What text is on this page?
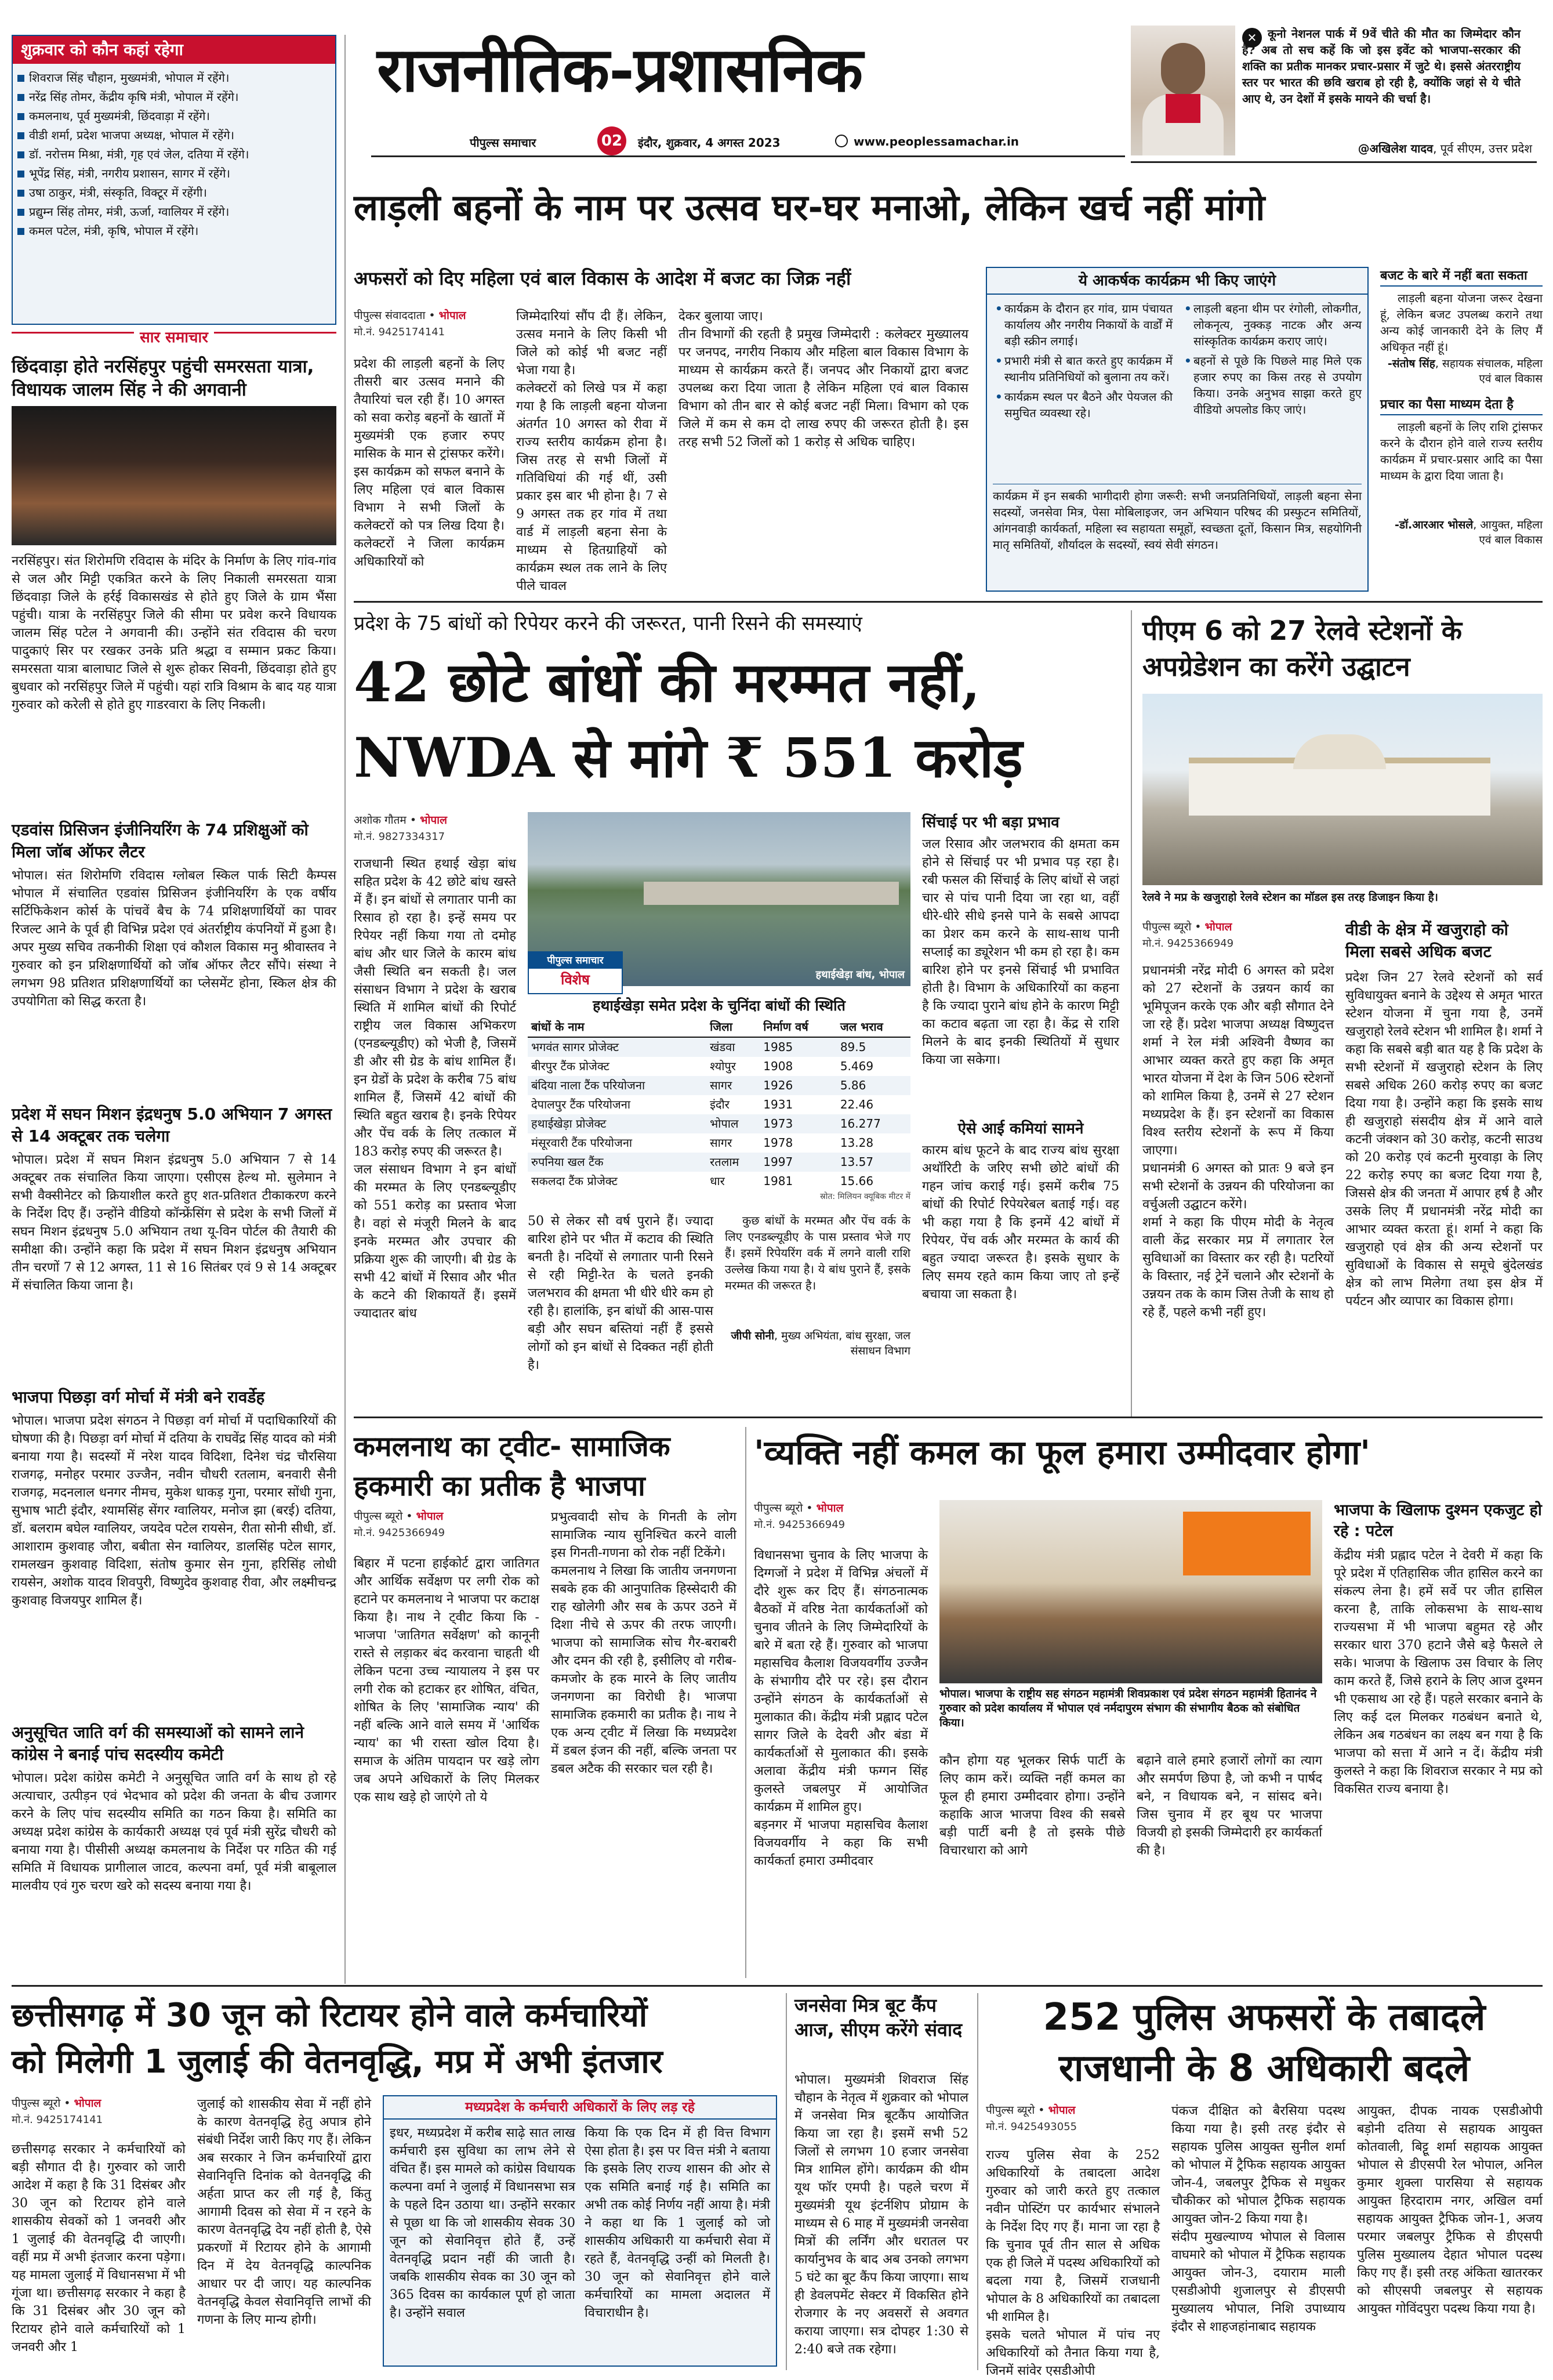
राजनीतिक-प्रशासनिक
पीपुल्स समाचार	02	इंदौर, शुक्रवार, 4 अगस्त 2023	www.peoplessamachar.in
✕ कूनो नेशनल पार्क में 9वें चीते की मौत का जिम्मेदार कौन है? अब तो सच कहें कि जो इस इवेंट को भाजपा-सरकार की शक्ति का प्रतीक मानकर प्रचार-प्रसार में जुटे थे। इससे अंतरराष्ट्रीय स्तर पर भारत की छवि खराब हो रही है, क्योंकि जहां से ये चीते आए थे, उन देशों में इसके मायने की चर्चा है।
@अखिलेश यादव, पूर्व सीएम, उत्तर प्रदेश
शुक्रवार को कौन कहां रहेगा
शिवराज सिंह चौहान, मुख्यमंत्री, भोपाल में रहेंगे।
नरेंद्र सिंह तोमर, केंद्रीय कृषि मंत्री, भोपाल में रहेंगे।
कमलनाथ, पूर्व मुख्यमंत्री, छिंदवाड़ा में रहेंगे।
वीडी शर्मा, प्रदेश भाजपा अध्यक्ष, भोपाल में रहेंगे।
डॉ. नरोत्तम मिश्रा, मंत्री, गृह एवं जेल, दतिया में रहेंगे।
भूपेंद्र सिंह, मंत्री, नगरीय प्रशासन, सागर में रहेंगे।
उषा ठाकुर, मंत्री, संस्कृति, विक्टूर में रहेंगी।
प्रद्युम्न सिंह तोमर, मंत्री, ऊर्जा, ग्वालियर में रहेंगे।
कमल पटेल, मंत्री, कृषि, भोपाल में रहेंगे।
सार समाचार
छिंदवाड़ा होते नरसिंहपुर पहुंची समरसता यात्रा, विधायक जालम सिंह ने की अगवानी
नरसिंहपुर। संत शिरोमणि रविदास के मंदिर के निर्माण के लिए गांव-गांव से जल और मिट्टी एकत्रित करने के लिए निकाली समरसता यात्रा छिंदवाड़ा जिले के हर्रई विकासखंड से होते हुए जिले के ग्राम भैंसा पहुंची। यात्रा के नरसिंहपुर जिले की सीमा पर प्रवेश करने विधायक जालम सिंह पटेल ने अगवानी की। उन्होंने संत रविदास की चरण पादुकाएं सिर पर रखकर उनके प्रति श्रद्धा व सम्मान प्रकट किया। समरसता यात्रा बालाघाट जिले से शुरू होकर सिवनी, छिंदवाड़ा होते हुए बुधवार को नरसिंहपुर जिले में पहुंची। यहां रात्रि विश्राम के बाद यह यात्रा गुरुवार को करेली से होते हुए गाडरवारा के लिए निकली।
एडवांस प्रिसिजन इंजीनियरिंग के 74 प्रशिक्षुओं को मिला जॉब ऑफर लैटर
भोपाल। संत शिरोमणि रविदास ग्लोबल स्किल पार्क सिटी कैम्पस भोपाल में संचालित एडवांस प्रिसिजन इंजीनियरिंग के एक वर्षीय सर्टिफिकेशन कोर्स के पांचवें बैच के 74 प्रशिक्षणार्थियों का पावर रिजल्ट आने के पूर्व ही विभिन्न प्रदेश एवं अंतर्राष्ट्रीय कंपनियों में हुआ है। अपर मुख्य सचिव तकनीकी शिक्षा एवं कौशल विकास मनु श्रीवास्तव ने गुरुवार को इन प्रशिक्षणार्थियों को जॉब ऑफर लैटर सौंपे। संस्था ने लगभग 98 प्रतिशत प्रशिक्षणार्थियों का प्लेसमेंट होना, स्किल क्षेत्र की उपयोगिता को सिद्ध करता है।
प्रदेश में सघन मिशन इंद्रधनुष 5.0 अभियान 7 अगस्त से 14 अक्टूबर तक चलेगा
भोपाल। प्रदेश में सघन मिशन इंद्रधनुष 5.0 अभियान 7 से 14 अक्टूबर तक संचालित किया जाएगा। एसीएस हेल्थ मो. सुलेमान ने सभी वैक्सीनेटर को क्रियाशील करते हुए शत-प्रतिशत टीकाकरण करने के निर्देश दिए हैं। उन्होंने वीडियो कॉन्फ्रेंसिंग से प्रदेश के सभी जिलों में सघन मिशन इंद्रधनुष 5.0 अभियान तथा यू-विन पोर्टल की तैयारी की समीक्षा की। उन्होंने कहा कि प्रदेश में सघन मिशन इंद्रधनुष अभियान तीन चरणों 7 से 12 अगस्त, 11 से 16 सितंबर एवं 9 से 14 अक्टूबर में संचालित किया जाना है।
भाजपा पिछड़ा वर्ग मोर्चा में मंत्री बने रावर्डेह
भोपाल। भाजपा प्रदेश संगठन ने पिछड़ा वर्ग मोर्चा में पदाधिकारियों की घोषणा की है। पिछड़ा वर्ग मोर्चा में दतिया के राघवेंद्र सिंह यादव को मंत्री बनाया गया है। सदस्यों में नरेश यादव विदिशा, दिनेश चंद्र चौरसिया राजगढ़, मनोहर परमार उज्जैन, नवीन चौधरी रतलाम, बनवारी सैनी राजगढ़, मदनलाल धनगर नीमच, मुकेश धाकड़ गुना, परमार सोंधी गुना, सुभाष भाटी इंदौर, श्यामसिंह सेंगर ग्वालियर, मनोज झा (बरई) दतिया, डॉ. बलराम बघेल ग्वालियर, जयदेव पटेल रायसेन, रीता सोनी सीधी, डॉ. आशाराम कुशवाह जौरा, बबीता सेन ग्वालियर, डालसिंह पटेल सागर, रामलखन कुशवाह विदिशा, संतोष कुमार सेन गुना, हरिसिंह लोधी रायसेन, अशोक यादव शिवपुरी, विष्णुदेव कुशवाह रीवा, और लक्ष्मीचन्द्र कुशवाह विजयपुर शामिल हैं।
अनुसूचित जाति वर्ग की समस्याओं को सामने लाने कांग्रेस ने बनाई पांच सदस्यीय कमेटी
भोपाल। प्रदेश कांग्रेस कमेटी ने अनुसूचित जाति वर्ग के साथ हो रहे अत्याचार, उत्पीड़न एवं भेदभाव को प्रदेश की जनता के बीच उजागर करने के लिए पांच सदस्यीय समिति का गठन किया है। समिति का अध्यक्ष प्रदेश कांग्रेस के कार्यकारी अध्यक्ष एवं पूर्व मंत्री सुरेंद्र चौधरी को बनाया गया है। पीसीसी अध्यक्ष कमलनाथ के निर्देश पर गठित की गई समिति में विधायक प्रागीलाल जाटव, कल्पना वर्मा, पूर्व मंत्री बाबूलाल मालवीय एवं गुरु चरण खरे को सदस्य बनाया गया है।
लाड़ली बहनों के नाम पर उत्सव घर-घर मनाओ, लेकिन खर्च नहीं मांगो
अफसरों को दिए महिला एवं बाल विकास के आदेश में बजट का जिक्र नहीं
पीपुल्स संवाददाता • भोपाल
मो.नं. 9425174141
प्रदेश की लाड़ली बहनों के लिए तीसरी बार उत्सव मनाने की तैयारियां चल रही हैं। 10 अगस्त को सवा करोड़ बहनों के खातों में मुख्यमंत्री एक हजार रुपए मासिक के मान से ट्रांसफर करेंगे। इस कार्यक्रम को सफल बनाने के लिए महिला एवं बाल विकास विभाग ने सभी जिलों के कलेक्टरों को पत्र लिख दिया है। कलेक्टरों ने जिला कार्यक्रम अधिकारियों को
जिम्मेदारियां सौंप दी हैं। लेकिन, उत्सव मनाने के लिए किसी भी जिले को कोई भी बजट नहीं भेजा गया है।
कलेक्टरों को लिखे पत्र में कहा गया है कि लाड़ली बहना योजना अंतर्गत 10 अगस्त को रीवा में राज्य स्तरीय कार्यक्रम होना है। जिस तरह से सभी जिलों में गतिविधियां की गई थीं, उसी प्रकार इस बार भी होना है। 7 से 9 अगस्त तक हर गांव में तथा वार्ड में लाड़ली बहना सेना के माध्यम से हितग्राहियों को कार्यक्रम स्थल तक लाने के लिए पीले चावल
देकर बुलाया जाए।
तीन विभागों की रहती है प्रमुख जिम्मेदारी : कलेक्टर मुख्यालय पर जनपद, नगरीय निकाय और महिला बाल विकास विभाग के माध्यम से कार्यक्रम करते हैं। जनपद और निकायों द्वारा बजट उपलब्ध करा दिया जाता है लेकिन महिला एवं बाल विकास विभाग को तीन बार से कोई बजट नहीं मिला। विभाग को एक जिले में कम से कम दो लाख रुपए की जरूरत होती है। इस तरह सभी 52 जिलों को 1 करोड़ से अधिक चाहिए।
ये आकर्षक कार्यक्रम भी किए जाएंगे
• कार्यक्रम के दौरान हर गांव, ग्राम पंचायत कार्यालय और नगरीय निकायों के वार्डों में बड़ी स्क्रीन लगाई।
• प्रभारी मंत्री से बात करते हुए कार्यक्रम में स्थानीय प्रतिनिधियों को बुलाना तय करें।
• कार्यक्रम स्थल पर बैठने और पेयजल की समुचित व्यवस्था रहे।
• लाड़ली बहना थीम पर रंगोली, लोकगीत, लोकनृत्य, नुक्कड़ नाटक और अन्य सांस्कृतिक कार्यक्रम कराए जाएं।
• बहनों से पूछे कि पिछले माह मिले एक हजार रुपए का किस तरह से उपयोग किया। उनके अनुभव साझा करते हुए वीडियो अपलोड किए जाएं।
कार्यक्रम में इन सबकी भागीदारी होगा जरूरी: सभी जनप्रतिनिधियों, लाड़ली बहना सेना सदस्यों, जनसेवा मित्र, पेसा मोबिलाइजर, जन अभियान परिषद की प्रस्फुटन समितियों, आंगनवाड़ी कार्यकर्ता, महिला स्व सहायता समूहों, स्वच्छता दूतों, किसान मित्र, सहयोगिनी मातृ समितियों, शौर्यादल के सदस्यों, स्वयं सेवी संगठन।
बजट के बारे में नहीं बता सकता
लाड़ली बहना योजना जरूर देखना हूं, लेकिन बजट उपलब्ध कराने तथा अन्य कोई जानकारी देने के लिए मैं अधिकृत नहीं हूं।
-संतोष सिंह, सहायक संचालक, महिला एवं बाल विकास
प्रचार का पैसा माध्यम देता है
लाड़ली बहनों के लिए राशि ट्रांसफर करने के दौरान होने वाले राज्य स्तरीय कार्यक्रम में प्रचार-प्रसार आदि का पैसा माध्यम के द्वारा दिया जाता है।
-डॉ.आरआर भोसले, आयुक्त, महिला एवं बाल विकास
प्रदेश के 75 बांधों को रिपेयर करने की जरूरत, पानी रिसने की समस्याएं
42 छोटे बांधों की मरम्मत नहीं,
NWDA से मांगे ₹ 551 करोड़
अशोक गौतम • भोपाल
मो.नं. 9827334317
राजधानी स्थित हथाई खेड़ा बांध सहित प्रदेश के 42 छोटे बांध खस्ते में हैं। इन बांधों से लगातार पानी का रिसाव हो रहा है। इन्हें समय पर रिपेयर नहीं किया गया तो दमोह बांध और धार जिले के कारम बांध जैसी स्थिति बन सकती है। जल संसाधन विभाग ने प्रदेश के खराब स्थिति में शामिल बांधों की रिपोर्ट राष्ट्रीय जल विकास अभिकरण (एनडब्ल्यूडीए) को भेजी है, जिसमें डी और सी ग्रेड के बांध शामिल हैं। इन ग्रेडों के प्रदेश के करीब 75 बांध शामिल हैं, जिसमें 42 बांधों की स्थिति बहुत खराब है। इनके रिपेयर और पेंच वर्क के लिए तत्काल में 183 करोड़ रुपए की जरूरत है।
जल संसाधन विभाग ने इन बांधों की मरम्मत के लिए एनडब्ल्यूडीए को 551 करोड़ का प्रस्ताव भेजा है। वहां से मंजूरी मिलने के बाद इनके मरम्मत और उपचार की प्रक्रिया शुरू की जाएगी। बी ग्रेड के सभी 42 बांधों में रिसाव और भीत के कटने की शिकायतें हैं। इसमें ज्यादातर बांध
हथाईखेड़ा बांध, भोपाल
पीपुल्स समाचार
विशेष
हथाईखेड़ा समेत प्रदेश के चुनिंदा बांधों की स्थिति
बांधों के नाम	जिला	निर्माण वर्ष	जल भराव
भगवंत सागर प्रोजेक्ट	खंडवा	1985	89.5
बीरपुर टैंक प्रोजेक्ट	श्योपुर	1908	5.469
बंदिया नाला टैंक परियोजना	सागर	1926	5.86
देपालपुर टैंक परियोजना	इंदौर	1931	22.46
हथाईखेड़ा प्रोजेक्ट	भोपाल	1973	16.277
मंसूरवारी टैंक परियोजना	सागर	1978	13.28
रुपनिया खल टैंक	रतलाम	1997	13.57
सकलदा टैंक प्रोजेक्ट	धार	1981	15.66
स्रोत: मिलियन क्यूबिक मीटर में
50 से लेकर सौ वर्ष पुराने हैं। ज्यादा बारिश होने पर भीत में कटाव की स्थिति बनती है। नदियों से लगातार पानी रिसने से रही मिट्टी-रेत के चलते इनकी जलभराव की क्षमता भी धीरे धीरे कम हो रही है। हालांकि, इन बांधों की आस-पास बड़ी और सघन बस्तियां नहीं हैं इससे लोगों को इन बांधों से दिक्कत नहीं होती है।
कुछ बांधों के मरम्मत और पेंच वर्क के लिए एनडब्ल्यूडीए के पास प्रस्ताव भेजे गए हैं। इसमें रिपेयरिंग वर्क में लगने वाली राशि उल्लेख किया गया है। ये बांध पुराने हैं, इसके मरम्मत की जरूरत है।
जीपी सोनी, मुख्य अभियंता, बांध सुरक्षा, जल संसाधन विभाग
सिंचाई पर भी बड़ा प्रभाव
जल रिसाव और जलभराव की क्षमता कम होने से सिंचाई पर भी प्रभाव पड़ रहा है। रबी फसल की सिंचाई के लिए बांधों से जहां चार से पांच पानी दिया जा रहा था, वहीं धीरे-धीरे सीधे इनसे पाने के सबसे आपदा का प्रेशर कम करने के साथ-साथ पानी सप्लाई का ड्यूरेशन भी कम हो रहा है। कम बारिश होने पर इनसे सिंचाई भी प्रभावित होती है। विभाग के अधिकारियों का कहना है कि ज्यादा पुराने बांध होने के कारण मिट्टी का कटाव बढ़ता जा रहा है। केंद्र से राशि मिलने के बाद इनकी स्थितियों में सुधार किया जा सकेगा।
ऐसे आई कमियां सामने
कारम बांध फूटने के बाद राज्य बांध सुरक्षा अथॉरिटी के जरिए सभी छोटे बांधों की गहन जांच कराई गई। इसमें करीब 75 बांधों की रिपोर्ट रिपेयरेबल बताई गई। वह भी कहा गया है कि इनमें 42 बांधों में रिपेयर, पेंच वर्क और मरम्मत के कार्य की बहुत ज्यादा जरूरत है। इसके सुधार के लिए समय रहते काम किया जाए तो इन्हें बचाया जा सकता है।
पीएम 6 को 27 रेलवे स्टेशनों के अपग्रेडेशन का करेंगे उद्घाटन
रेलवे ने मप्र के खजुराहो रेलवे स्टेशन का मॉडल इस तरह डिजाइन किया है।
पीपुल्स ब्यूरो • भोपाल
मो.नं. 9425366949
प्रधानमंत्री नरेंद्र मोदी 6 अगस्त को प्रदेश को 27 स्टेशनों के उन्नयन कार्य का भूमिपूजन करके एक और बड़ी सौगात देने जा रहे हैं। प्रदेश भाजपा अध्यक्ष विष्णुदत्त शर्मा ने रेल मंत्री अश्विनी वैष्णव का आभार व्यक्त करते हुए कहा कि अमृत भारत योजना में देश के जिन 506 स्टेशनों को शामिल किया है, उनमें से 27 स्टेशन मध्यप्रदेश के हैं। इन स्टेशनों का विकास विश्व स्तरीय स्टेशनों के रूप में किया जाएगा।
प्रधानमंत्री 6 अगस्त को प्रातः 9 बजे इन सभी स्टेशनों के उन्नयन की परियोजना का वर्चुअली उद्घाटन करेंगे।
शर्मा ने कहा कि पीएम मोदी के नेतृत्व वाली केंद्र सरकार मप्र में लगातार रेल सुविधाओं का विस्तार कर रही है। पटरियों के विस्तार, नई ट्रेनें चलाने और स्टेशनों के उन्नयन तक के काम जिस तेजी के साथ हो रहे हैं, पहले कभी नहीं हुए।
वीडी के क्षेत्र में खजुराहो को मिला सबसे अधिक बजट
प्रदेश जिन 27 रेलवे स्टेशनों को सर्व सुविधायुक्त बनाने के उद्देश्य से अमृत भारत स्टेशन योजना में चुना गया है, उनमें खजुराहो रेलवे स्टेशन भी शामिल है। शर्मा ने कहा कि सबसे बड़ी बात यह है कि प्रदेश के सभी स्टेशनों में खजुराहो स्टेशन के लिए सबसे अधिक 260 करोड़ रुपए का बजट दिया गया है। उन्होंने कहा कि इसके साथ ही खजुराहो संसदीय क्षेत्र में आने वाले कटनी जंक्शन को 30 करोड़, कटनी साउथ को 20 करोड़ एवं कटनी मुरवाड़ा के लिए 22 करोड़ रुपए का बजट दिया गया है, जिससे क्षेत्र की जनता में आपार हर्ष है और उसके लिए मैं प्रधानमंत्री नरेंद्र मोदी का आभार व्यक्त करता हूं। शर्मा ने कहा कि खजुराहो एवं क्षेत्र की अन्य स्टेशनों पर सुविधाओं के विकास से समूचे बुंदेलखंड क्षेत्र को लाभ मिलेगा तथा इस क्षेत्र में पर्यटन और व्यापार का विकास होगा।
कमलनाथ का ट्वीट- सामाजिक हकमारी का प्रतीक है भाजपा
पीपुल्स ब्यूरो • भोपाल
मो.नं. 9425366949
बिहार में पटना हाईकोर्ट द्वारा जातिगत और आर्थिक सर्वेक्षण पर लगी रोक को हटाने पर कमलनाथ ने भाजपा पर कटाक्ष किया है। नाथ ने ट्वीट किया कि - भाजपा 'जातिगत सर्वेक्षण' को कानूनी रास्ते से लड़ाकर बंद करवाना चाहती थी लेकिन पटना उच्च न्यायालय ने इस पर लगी रोक को हटाकर हर शोषित, वंचित, शोषित के लिए 'सामाजिक न्याय' की नहीं बल्कि आने वाले समय में 'आर्थिक न्याय' का भी रास्ता खोल दिया है। समाज के अंतिम पायदान पर खड़े लोग जब अपने अधिकारों के लिए मिलकर एक साथ खड़े हो जाएंगे तो ये
प्रभुत्ववादी सोच के गिनती के लोग सामाजिक न्याय सुनिश्चित करने वाली इस गिनती-गणना को रोक नहीं टिकेंगे।
कमलनाथ ने लिखा कि जातीय जनगणना सबके हक की आनुपातिक हिस्सेदारी की राह खोलेगी और सब के ऊपर उठने में दिशा नीचे से ऊपर की तरफ जाएगी। भाजपा को सामाजिक सोच गैर-बराबरी और दमन की रही है, इसीलिए वो गरीब-कमजोर के हक मारने के लिए जातीय जनगणना का विरोधी है। भाजपा सामाजिक हकमारी का प्रतीक है। नाथ ने एक अन्य ट्वीट में लिखा कि मध्यप्रदेश में डबल इंजन की नहीं, बल्कि जनता पर डबल अटैक की सरकार चल रही है।
'व्यक्ति नहीं कमल का फूल हमारा उम्मीदवार होगा'
पीपुल्स ब्यूरो • भोपाल
मो.नं. 9425366949
विधानसभा चुनाव के लिए भाजपा के दिग्गजों ने प्रदेश में विभिन्न अंचलों में दौरे शुरू कर दिए हैं। संगठनात्मक बैठकों में वरिष्ठ नेता कार्यकर्ताओं को चुनाव जीतने के लिए जिम्मेदारियों के बारे में बता रहे हैं। गुरुवार को भाजपा महासचिव कैलाश विजयवर्गीय उज्जैन के संभागीय दौरे पर रहे। इस दौरान उन्होंने संगठन के कार्यकर्ताओं से मुलाकात की। केंद्रीय मंत्री प्रह्लाद पटेल सागर जिले के देवरी और बंडा में कार्यकर्ताओं से मुलाकात की। इसके अलावा केंद्रीय मंत्री फग्गन सिंह कुलस्ते जबलपुर में आयोजित कार्यक्रम में शामिल हुए।
बड़नगर में भाजपा महासचिव कैलाश विजयवर्गीय ने कहा कि सभी कार्यकर्ता हमारा उम्मीदवार
भोपाल। भाजपा के राष्ट्रीय सह संगठन महामंत्री शिवप्रकाश एवं प्रदेश संगठन महामंत्री हितानंद ने गुरुवार को प्रदेश कार्यालय में भोपाल एवं नर्मदापुरम संभाग की संभागीय बैठक को संबोधित किया।
कौन होगा यह भूलकर सिर्फ पार्टी के लिए काम करें। व्यक्ति नहीं कमल का फूल ही हमारा उम्मीदवार होगा। उन्होंने कहाकि आज भाजपा विश्व की सबसे बड़ी पार्टी बनी है तो इसके पीछे विचारधारा को आगे
बढ़ाने वाले हमारे हजारों लोगों का त्याग और समर्पण छिपा है, जो कभी न पार्षद बने, न विधायक बने, न सांसद बने। जिस चुनाव में हर बूथ पर भाजपा विजयी हो इसकी जिम्मेदारी हर कार्यकर्ता की है।
भाजपा के खिलाफ दुश्मन एकजुट हो रहे : पटेल
केंद्रीय मंत्री प्रह्लाद पटेल ने देवरी में कहा कि पूरे प्रदेश में एतिहासिक जीत हासिल करने का संकल्प लेना है। हमें सर्वे पर जीत हासिल करना है, ताकि लोकसभा के साथ-साथ राज्यसभा में भी भाजपा बहुमत रहे और सरकार धारा 370 हटाने जैसे बड़े फैसले ले सके। भाजपा के खिलाफ उस विचार के लिए काम करते हैं, जिसे हराने के लिए आज दुश्मन भी एकसाथ आ रहे हैं। पहले सरकार बनाने के लिए कई दल मिलकर गठबंधन बनाते थे, लेकिन अब गठबंधन का लक्ष्य बन गया है कि भाजपा को सत्ता में आने न दें। केंद्रीय मंत्री कुलस्ते ने कहा कि शिवराज सरकार ने मप्र को विकसित राज्य बनाया है।
छत्तीसगढ़ में 30 जून को रिटायर होने वाले कर्मचारियों
को मिलेगी 1 जुलाई की वेतनवृद्धि, मप्र में अभी इंतजार
पीपुल्स ब्यूरो • भोपाल
मो.नं. 9425174141
छत्तीसगढ़ सरकार ने कर्मचारियों को बड़ी सौगात दी है। गुरुवार को जारी आदेश में कहा है कि 31 दिसंबर और 30 जून को रिटायर होने वाले शासकीय सेवकों को 1 जनवरी और 1 जुलाई की वेतनवृद्धि दी जाएगी। वहीं मप्र में अभी इंतजार करना पड़ेगा। यह मामला जुलाई में विधानसभा में भी गूंजा था। छत्तीसगढ़ सरकार ने कहा है कि 31 दिसंबर और 30 जून को रिटायर होने वाले कर्मचारियों को 1 जनवरी और 1
जुलाई को शासकीय सेवा में नहीं होने के कारण वेतनवृद्धि हेतु अपात्र होने संबंधी निर्देश जारी किए गए हैं। लेकिन अब सरकार ने जिन कर्मचारियों द्वारा सेवानिवृत्ति दिनांक को वेतनवृद्धि की अर्हता प्राप्त कर ली गई है, किंतु आगामी दिवस को सेवा में न रहने के कारण वेतनवृद्धि देय नहीं होती है, ऐसे प्रकरणों में रिटायर होने के आगामी दिन में देय वेतनवृद्धि काल्पनिक आधार पर दी जाए। यह काल्पनिक वेतनवृद्धि केवल सेवानिवृत्ति लाभों की गणना के लिए मान्य होगी।
मध्यप्रदेश के कर्मचारी अधिकारों के लिए लड़ रहे
इधर, मध्यप्रदेश में करीब साढ़े सात लाख कर्मचारी इस सुविधा का लाभ लेने से वंचित हैं। इस मामले को कांग्रेस विधायक कल्पना वर्मा ने जुलाई में विधानसभा सत्र के पहले दिन उठाया था। उन्होंने सरकार से पूछा था कि जो शासकीय सेवक 30 जून को सेवानिवृत्त होते हैं, उन्हें वेतनवृद्धि प्रदान नहीं की जाती है। जबकि शासकीय सेवक का 30 जून को 365 दिवस का कार्यकाल पूर्ण हो जाता है। उन्होंने सवाल
किया कि एक दिन में ही वित्त विभाग ऐसा होता है। इस पर वित्त मंत्री ने बताया कि इसके लिए राज्य शासन की ओर से एक समिति बनाई गई है। समिति का अभी तक कोई निर्णय नहीं आया है। मंत्री ने कहा था कि 1 जुलाई को जो शासकीय अधिकारी या कर्मचारी सेवा में रहते हैं, वेतनवृद्धि उन्हीं को मिलती है। 30 जून को सेवानिवृत्त होने वाले कर्मचारियों का मामला अदालत में विचाराधीन है।
जनसेवा मित्र बूट कैंप आज, सीएम करेंगे संवाद
भोपाल। मुख्यमंत्री शिवराज सिंह चौहान के नेतृत्व में शुक्रवार को भोपाल में जनसेवा मित्र बूटकैंप आयोजित किया जा रहा है। इसमें सभी 52 जिलों से लगभग 10 हजार जनसेवा मित्र शामिल होंगे। कार्यक्रम की थीम यूथ फॉर एमपी है। पहले चरण में मुख्यमंत्री यूथ इंटर्नशिप प्रोग्राम के माध्यम से 6 माह में मुख्यमंत्री जनसेवा मित्रों की लर्निंग और धरातल पर कार्यानुभव के बाद अब उनको लगभग 5 घंटे का बूट कैंप किया जाएगा। साथ ही डेवलपमेंट सेक्टर में विकसित होने रोजगार के नए अवसरों से अवगत कराया जाएगा। सत्र दोपहर 1:30 से 2:40 बजे तक रहेगा।
252 पुलिस अफसरों के तबादले
राजधानी के 8 अधिकारी बदले
पीपुल्स ब्यूरो • भोपाल
मो.नं. 9425493055
राज्य पुलिस सेवा के 252 अधिकारियों के तबादला आदेश गुरुवार को जारी करते हुए तत्काल नवीन पोस्टिंग पर कार्यभार संभालने के निर्देश दिए गए हैं। माना जा रहा है कि चुनाव पूर्व तीन साल से अधिक एक ही जिले में पदस्थ अधिकारियों को बदला गया है, जिसमें राजधानी भोपाल के 8 अधिकारियों का तबादला भी शामिल है।
इसके चलते भोपाल में पांच नए अधिकारियों को तैनात किया गया है, जिनमें सांवेर एसडीओपी
पंकज दीक्षित को बैरसिया पदस्थ किया गया है। इसी तरह इंदौर से सहायक पुलिस आयुक्त सुनील शर्मा को भोपाल में ट्रैफिक सहायक आयुक्त जोन-4, जबलपुर ट्रैफिक से मधुकर चौकीकर को भोपाल ट्रैफिक सहायक आयुक्त जोन-2 किया गया है।
संदीप मुखल्याण्य भोपाल से विलास वाघमारे को भोपाल में ट्रैफिक सहायक आयुक्त जोन-3, दयाराम माली एसडीओपी शुजालपुर से डीएसपी मुख्यालय भोपाल, निशि उपाध्याय इंदौर से शाहजहांनाबाद सहायक
आयुक्त, दीपक नायक एसडीओपी बड़ोनी दतिया से सहायक आयुक्त कोतवाली, बिट्टू शर्मा सहायक आयुक्त भोपाल से डीएसपी रेल भोपाल, अनिल कुमार शुक्ला पारसिया से सहायक आयुक्त हिरदाराम नगर, अखिल वर्मा सहायक आयुक्त ट्रैफिक जोन-1, अजय परमार जबलपुर ट्रैफिक से डीएसपी पुलिस मुख्यालय देहात भोपाल पदस्थ किए गए हैं। इसी तरह अंकिता खातरकर को सीएसपी जबलपुर से सहायक आयुक्त गोविंदपुरा पदस्थ किया गया है।
